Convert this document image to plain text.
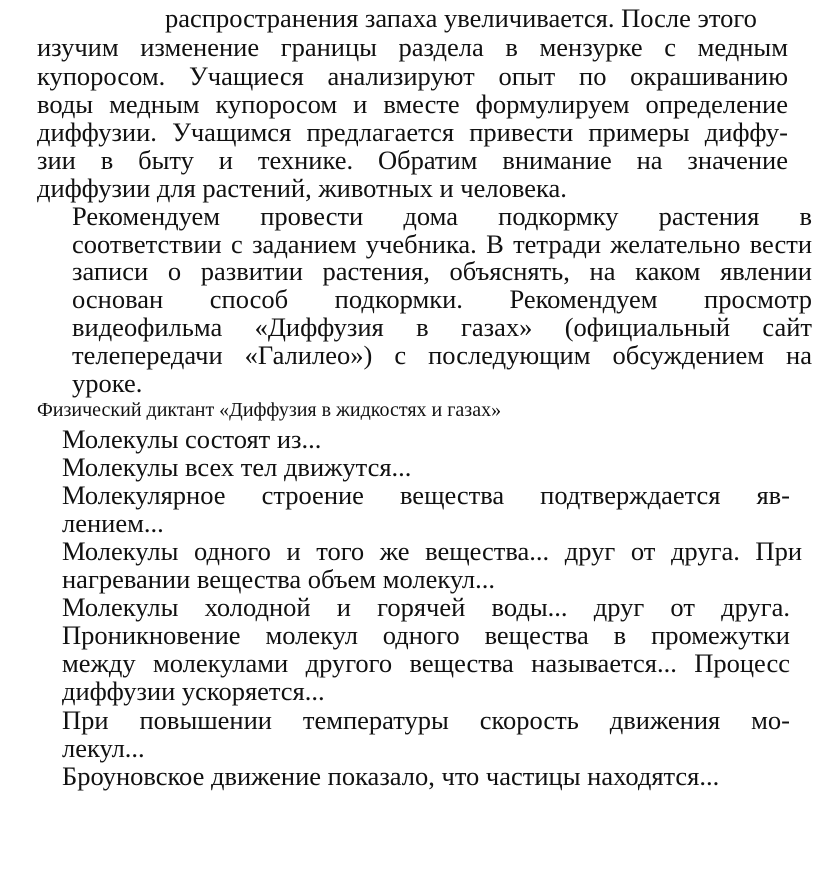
распространения запаха увеличивается. После этого
изучим изменение границы раздела в мензурке с медным
купоросом. Учащиеся анализируют опыт по окрашиванию
воды медным купоросом и вместе формулируем определение
диффузии. Учащимся предлагается привести примеры диффу-
зии в быту и технике. Обратим внимание на значение
диффузии для растений, животных и человека.
Рекомендуем провести дома подкормку растения в
соответствии с заданием учебника. В тетради желательно вести
записи о развитии растения, объяснять, на каком явлении
основан способ подкормки. Рекомендуем просмотр
видеофильма «Диффузия в газах» (официальный сайт
телепередачи «Галилео») с последующим обсуждением на
уроке.
Физический диктант «Диффузия в жидкостях и газах»
Молекулы состоят из...
Молекулы всех тел движутся...
Молекулярное строение вещества подтверждается яв-
лением...
Молекулы одного и того же вещества... друг от друга. При
нагревании вещества объем молекул...
Молекулы холодной и горячей воды... друг от друга.
Проникновение молекул одного вещества в промежутки
между молекулами другого вещества называется... Процесс
диффузии ускоряется...
При повышении температуры скорость движения мо-
лекул...
Броуновское движение показало, что частицы находятся...
